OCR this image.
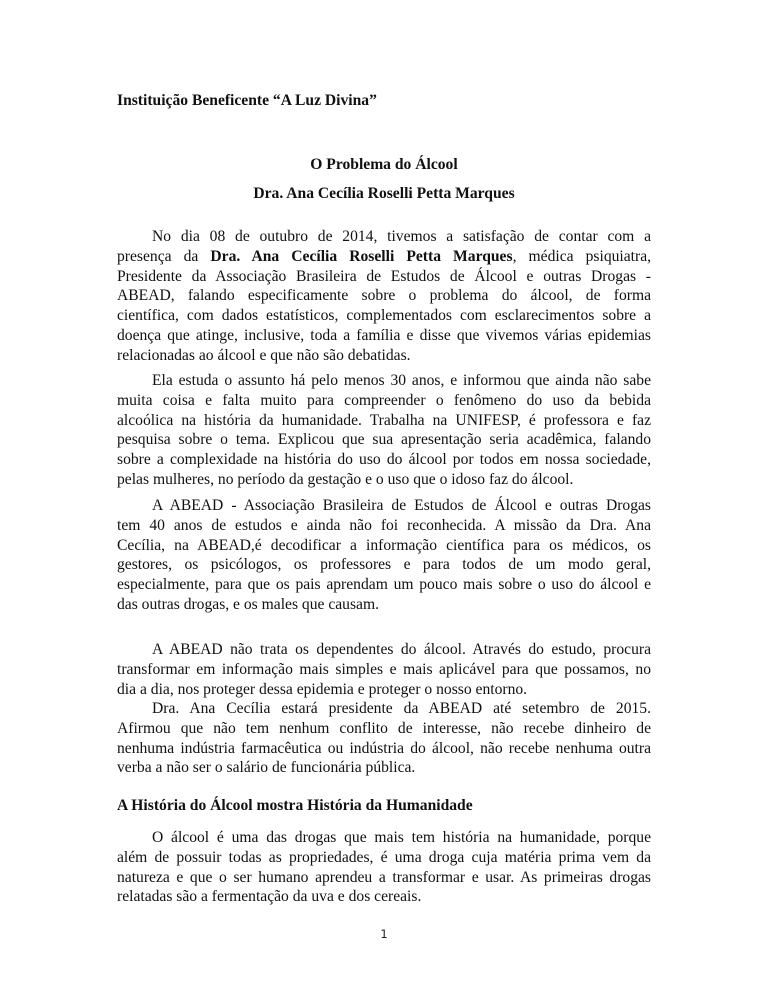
Instituição Beneficente “A Luz Divina”
O Problema do Álcool
Dra. Ana Cecília Roselli Petta Marques

No dia 08 de outubro de 2014, tivemos a satisfação de contar com a
presença da Dra. Ana Cecília Roselli Petta Marques, médica psiquiatra,
Presidente da Associação Brasileira de Estudos de Álcool e outras Drogas -
ABEAD, falando especificamente sobre o problema do álcool, de forma
científica, com dados estatísticos, complementados com esclarecimentos sobre a
doença que atinge, inclusive, toda a família e disse que vivemos várias epidemias
relacionadas ao álcool e que não são debatidas.

Ela estuda o assunto há pelo menos 30 anos, e informou que ainda não sabe
muita coisa e falta muito para compreender o fenômeno do uso da bebida
alcoólica na história da humanidade. Trabalha na UNIFESP, é professora e faz
pesquisa sobre o tema. Explicou que sua apresentação seria acadêmica, falando
sobre a complexidade na história do uso do álcool por todos em nossa sociedade,
pelas mulheres, no período da gestação e o uso que o idoso faz do álcool.

A ABEAD - Associação Brasileira de Estudos de Álcool e outras Drogas
tem 40 anos de estudos e ainda não foi reconhecida. A missão da Dra. Ana
Cecília, na ABEAD,é decodificar a informação científica para os médicos, os
gestores, os psicólogos, os professores e para todos de um modo geral,
especialmente, para que os pais aprendam um pouco mais sobre o uso do álcool e
das outras drogas, e os males que causam.

A ABEAD não trata os dependentes do álcool. Através do estudo, procura
transformar em informação mais simples e mais aplicável para que possamos, no
dia a dia, nos proteger dessa epidemia e proteger o nosso entorno.

Dra. Ana Cecília estará presidente da ABEAD até setembro de 2015.
Afirmou que não tem nenhum conflito de interesse, não recebe dinheiro de
nenhuma indústria farmacêutica ou indústria do álcool, não recebe nenhuma outra
verba a não ser o salário de funcionária pública.

A História do Álcool mostra História da Humanidade

O álcool é uma das drogas que mais tem história na humanidade, porque
além de possuir todas as propriedades, é uma droga cuja matéria prima vem da
natureza e que o ser humano aprendeu a transformar e usar. As primeiras drogas
relatadas são a fermentação da uva e dos cereais.

1
